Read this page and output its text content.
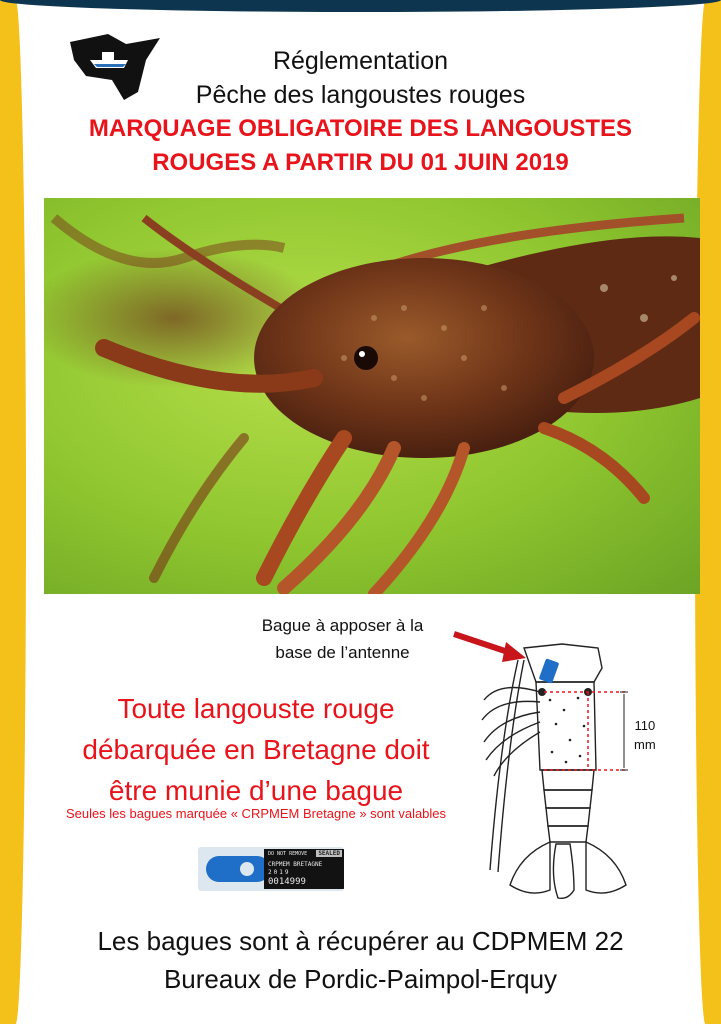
Réglementation
Pêche des langoustes rouges
MARQUAGE OBLIGATOIRE DES LANGOUSTES
ROUGES A PARTIR DU 01 JUIN 2019
Bague à apposer à la
base de l’antenne
Toute langouste rouge
débarquée en Bretagne doit
être munie d’une bague
Seules les bagues marquée « CRPMEM Bretagne » sont valables
DO NOT REMOVE	SEALED
CRPMEM BRETAGNE
2019
0014999
110
mm
Les bagues sont à récupérer au CDPMEM 22
Bureaux de Pordic-Paimpol-Erquy
